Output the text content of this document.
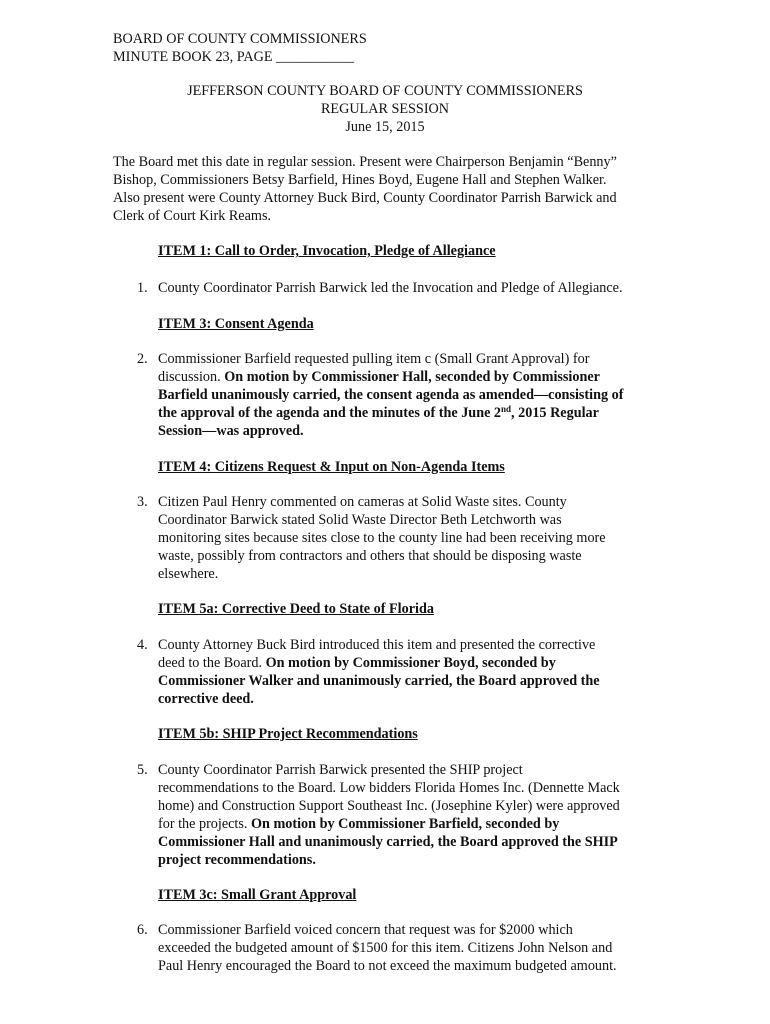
BOARD OF COUNTY COMMISSIONERS
MINUTE BOOK 23, PAGE ___________
JEFFERSON COUNTY BOARD OF COUNTY COMMISSIONERS
REGULAR SESSION
June 15, 2015
The Board met this date in regular session. Present were Chairperson Benjamin “Benny”
Bishop, Commissioners Betsy Barfield, Hines Boyd, Eugene Hall and Stephen Walker.
Also present were County Attorney Buck Bird, County Coordinator Parrish Barwick and
Clerk of Court Kirk Reams.
ITEM 1: Call to Order, Invocation, Pledge of Allegiance
1. County Coordinator Parrish Barwick led the Invocation and Pledge of Allegiance.
ITEM 3: Consent Agenda
2. Commissioner Barfield requested pulling item c (Small Grant Approval) for
discussion. On motion by Commissioner Hall, seconded by Commissioner
Barfield unanimously carried, the consent agenda as amended—consisting of
the approval of the agenda and the minutes of the June 2nd, 2015 Regular
Session—was approved.
ITEM 4: Citizens Request & Input on Non-Agenda Items
3. Citizen Paul Henry commented on cameras at Solid Waste sites. County
Coordinator Barwick stated Solid Waste Director Beth Letchworth was
monitoring sites because sites close to the county line had been receiving more
waste, possibly from contractors and others that should be disposing waste
elsewhere.
ITEM 5a: Corrective Deed to State of Florida
4. County Attorney Buck Bird introduced this item and presented the corrective
deed to the Board. On motion by Commissioner Boyd, seconded by
Commissioner Walker and unanimously carried, the Board approved the
corrective deed.
ITEM 5b: SHIP Project Recommendations
5. County Coordinator Parrish Barwick presented the SHIP project
recommendations to the Board. Low bidders Florida Homes Inc. (Dennette Mack
home) and Construction Support Southeast Inc. (Josephine Kyler) were approved
for the projects. On motion by Commissioner Barfield, seconded by
Commissioner Hall and unanimously carried, the Board approved the SHIP
project recommendations.
ITEM 3c: Small Grant Approval
6. Commissioner Barfield voiced concern that request was for $2000 which
exceeded the budgeted amount of $1500 for this item. Citizens John Nelson and
Paul Henry encouraged the Board to not exceed the maximum budgeted amount.
